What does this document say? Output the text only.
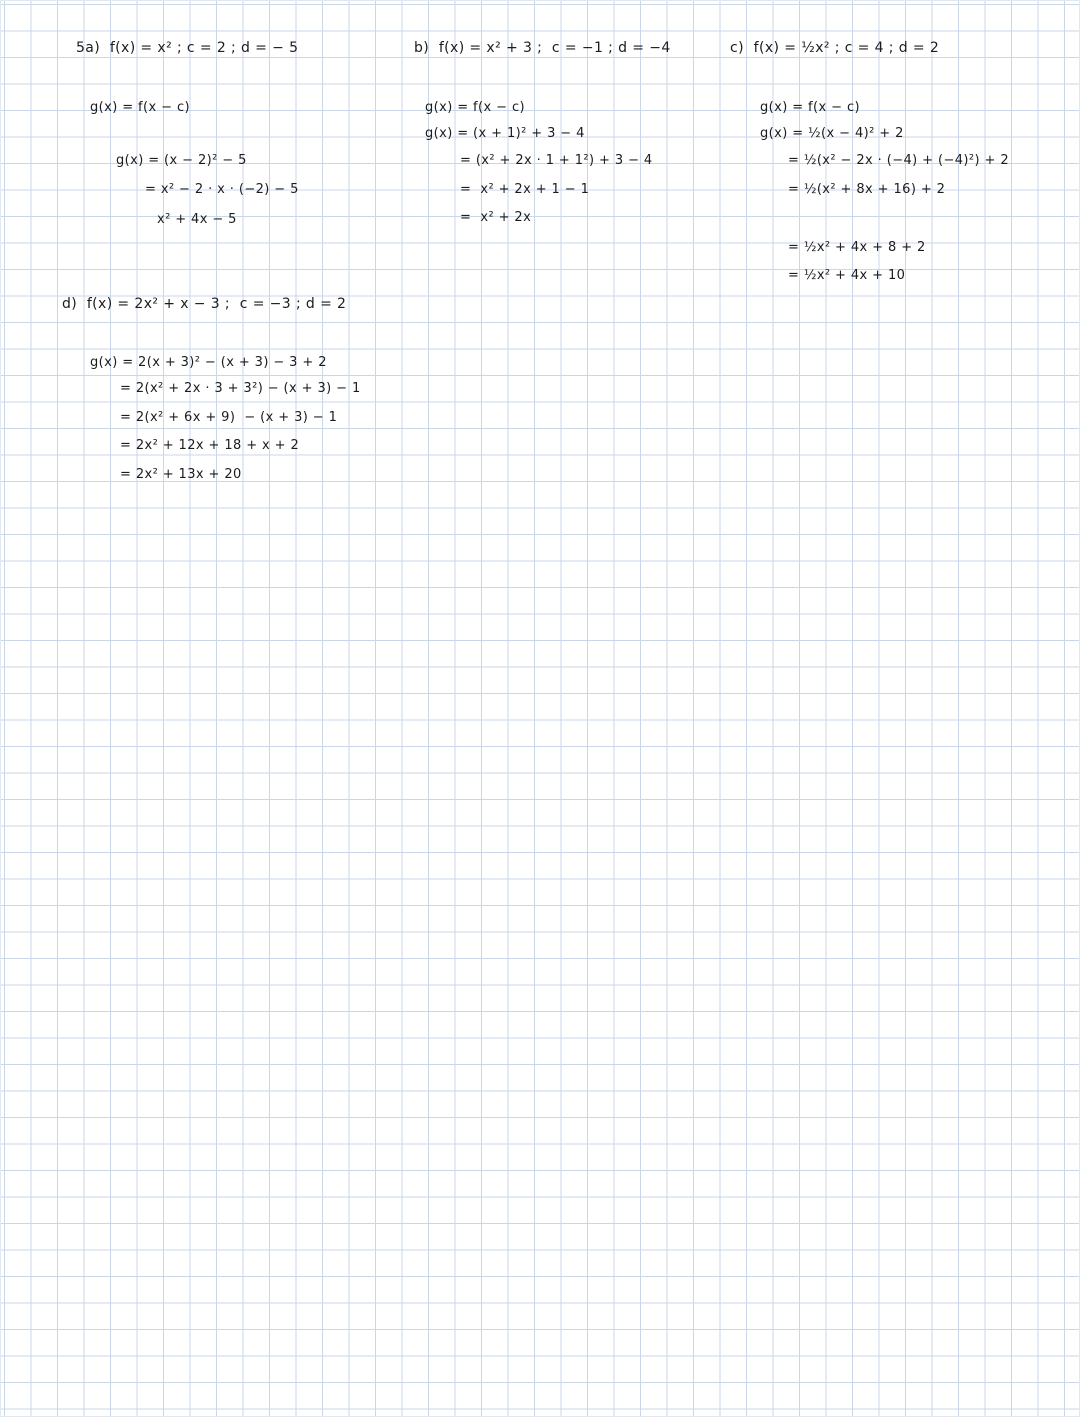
5a)  f(x) = x² ; c = 2 ; d = − 5
g(x) = f(x − c)
g(x) = (x − 2)² − 5
= x² − 2 · x · (−2) − 5
x² + 4x − 5
b)  f(x) = x² + 3 ;  c = −1 ; d = −4
g(x) = f(x − c)
g(x) = (x + 1)² + 3 − 4
= (x² + 2x · 1 + 1²) + 3 − 4
=  x² + 2x + 1 − 1
=  x² + 2x
c)  f(x) = ½x² ; c = 4 ; d = 2
g(x) = f(x − c)
g(x) = ½(x − 4)² + 2
= ½(x² − 2x · (−4) + (−4)²) + 2
= ½(x² + 8x + 16) + 2
= ½x² + 4x + 8 + 2
= ½x² + 4x + 10
d)  f(x) = 2x² + x − 3 ;  c = −3 ; d = 2
g(x) = 2(x + 3)² − (x + 3) − 3 + 2
= 2(x² + 2x · 3 + 3²) − (x + 3) − 1
= 2(x² + 6x + 9)  − (x + 3) − 1
= 2x² + 12x + 18 + x + 2
= 2x² + 13x + 20
